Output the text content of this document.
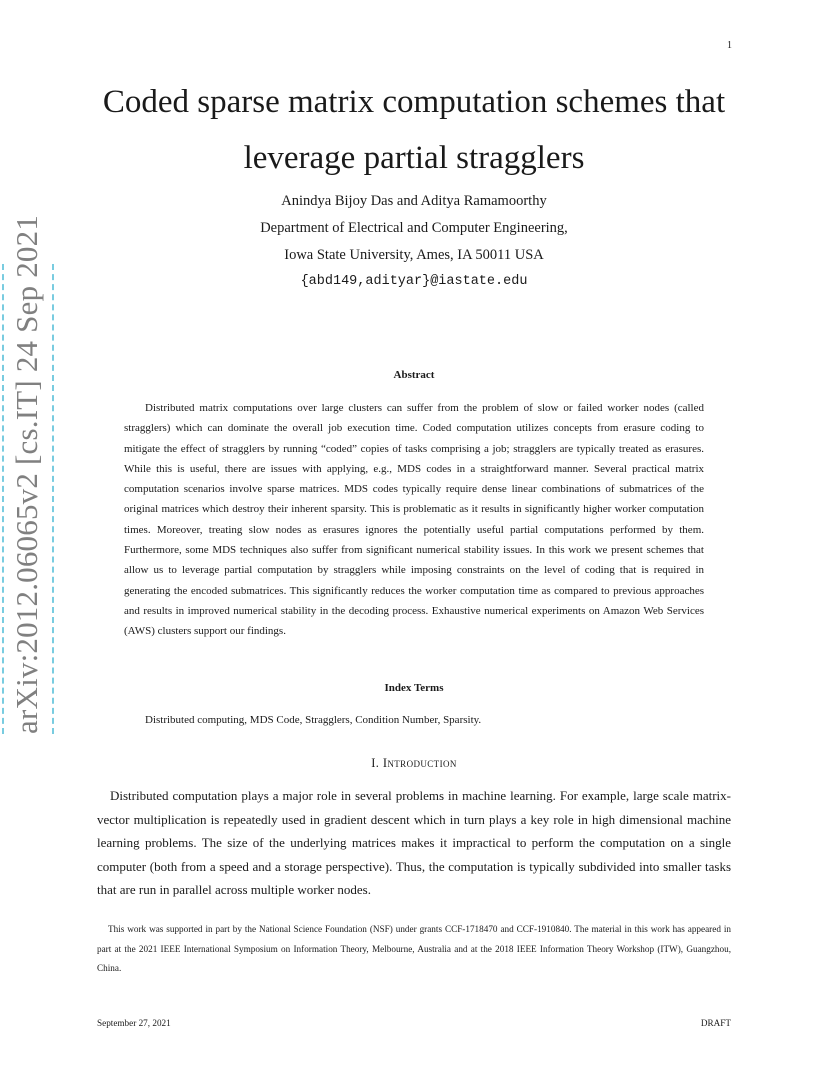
1
Coded sparse matrix computation schemes that
leverage partial stragglers
Anindya Bijoy Das and Aditya Ramamoorthy
Department of Electrical and Computer Engineering,
Iowa State University, Ames, IA 50011 USA
{abd149,adityar}@iastate.edu
arXiv:2012.06065v2 [cs.IT] 24 Sep 2021	Abstract

Distributed matrix computations over large clusters can suffer from the problem of slow or failed worker nodes (called stragglers) which can dominate the overall job execution time. Coded computation utilizes concepts from erasure coding to mitigate the effect of stragglers by running “coded” copies of tasks comprising a job; stragglers are typically treated as erasures. While this is useful, there are issues with applying, e.g., MDS codes in a straightforward manner. Several practical matrix computation scenarios involve sparse matrices. MDS codes typically require dense linear combinations of submatrices of the original matrices which destroy their inherent sparsity. This is problematic as it results in significantly higher worker computation times. Moreover, treating slow nodes as erasures ignores the potentially useful partial computations performed by them. Furthermore, some MDS techniques also suffer from significant numerical stability issues. In this work we present schemes that allow us to leverage partial computation by stragglers while imposing constraints on the level of coding that is required in generating the encoded submatrices. This significantly reduces the worker computation time as compared to previous approaches and results in improved numerical stability in the decoding process. Exhaustive numerical experiments on Amazon Web Services (AWS) clusters support our findings.

Index Terms
Distributed computing, MDS Code, Stragglers, Condition Number, Sparsity.
I. Introduction

Distributed computation plays a major role in several problems in machine learning. For example, large scale matrix-vector multiplication is repeatedly used in gradient descent which in turn plays a key role in high dimensional machine learning problems. The size of the underlying matrices makes it impractical to perform the computation on a single computer (both from a speed and a storage perspective). Thus, the computation is typically subdivided into smaller tasks that are run in parallel across multiple worker nodes.

This work was supported in part by the National Science Foundation (NSF) under grants CCF-1718470 and CCF-1910840. The material in this work has appeared in part at the 2021 IEEE International Symposium on Information Theory, Melbourne, Australia and at the 2018 IEEE Information Theory Workshop (ITW), Guangzhou, China.

September 27, 2021	DRAFT
